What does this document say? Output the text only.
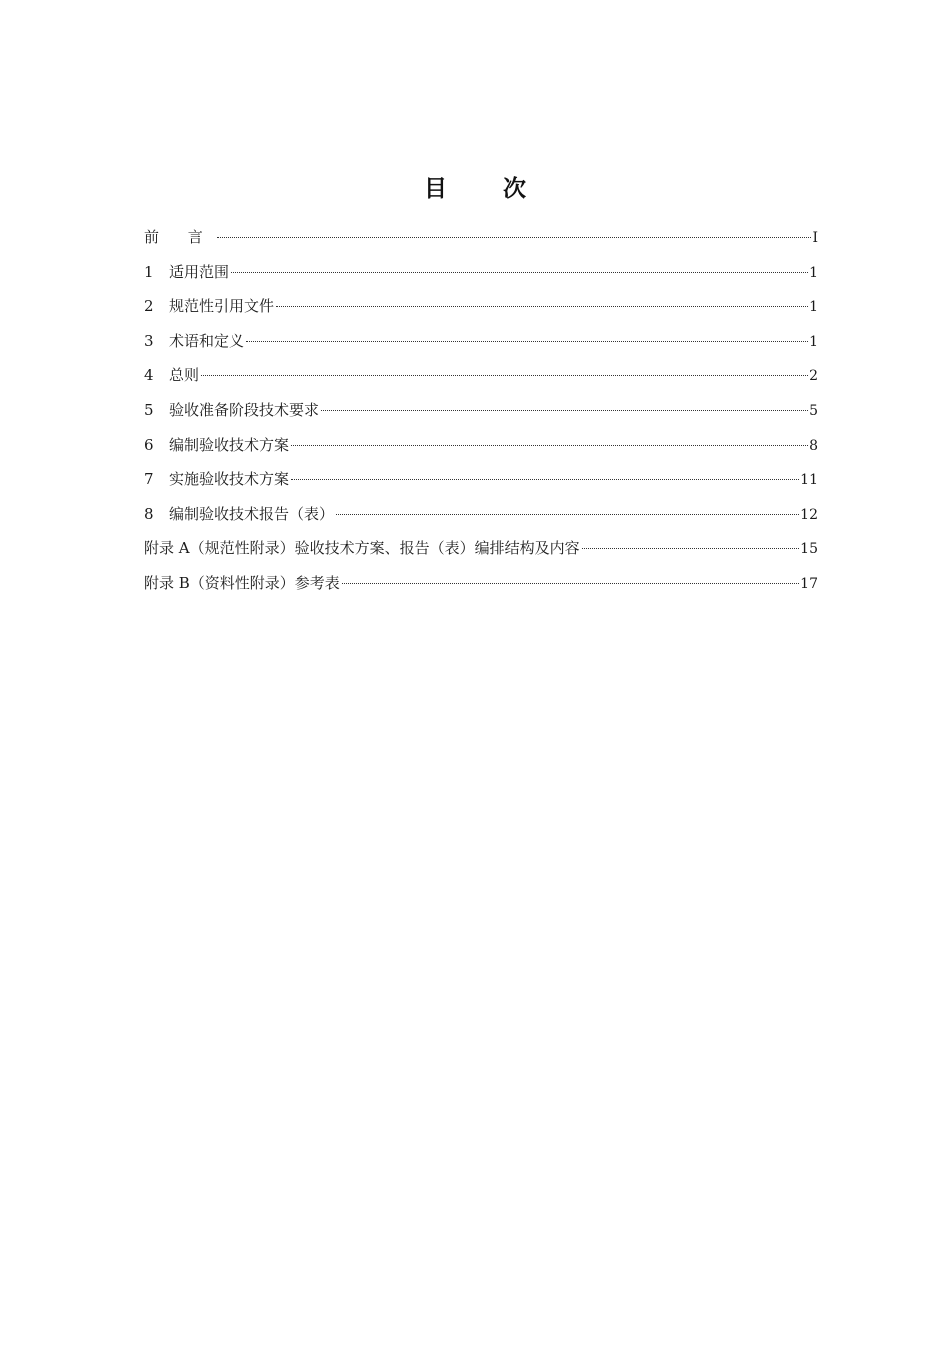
目 次
前 言	I
1	适用范围	1
2	规范性引用文件	1
3	术语和定义	1
4	总则	2
5	验收准备阶段技术要求	5
6	编制验收技术方案	8
7	实施验收技术方案	11
8	编制验收技术报告（表）	12
附录 A（规范性附录）验收技术方案、报告（表）编排结构及内容	15
附录 B（资料性附录）参考表	17
